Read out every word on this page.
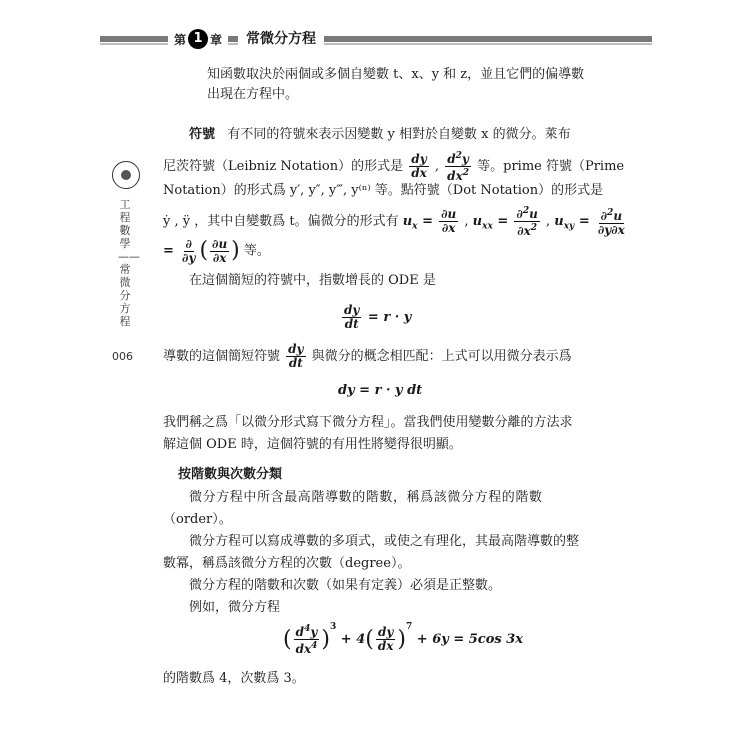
第 1 章	常微分方程
工程數學——常微分方程
006
知函數取決於兩個或多個自變數 t、x、y 和 z，並且它們的偏導數
出現在方程中。
符號 有不同的符號來表示因變數 y 相對於自變數 x 的微分。萊布
尼茨符號（Leibniz Notation）的形式是 $\frac{dy}{dx}$ , $\frac{d^2y}{dx^2}$ 等。prime 符號（Prime
Notation）的形式爲 y′, y″, y‴, y⁽ⁿ⁾ 等。點符號（Dot Notation）的形式是
ẏ , ÿ ，其中自變數爲 t。偏微分的形式有 $u_x = \frac{\partial u}{\partial x}$ , $u_{xx} = \frac{\partial^2u}{\partial x^2}$ , $u_{xy} = \frac{\partial^2u}{\partial y\partial x}$
= $\frac{\partial}{\partial y}$ ( $\frac{\partial u}{\partial x}$ ) 等。
在這個簡短的符號中，指數增長的 ODE 是
$\frac{dy}{dt} = r \cdot y$
導數的這個簡短符號 $\frac{dy}{dt}$ 與微分的概念相匹配：上式可以用微分表示爲
dy = r · y dt
我們稱之爲「以微分形式寫下微分方程」。當我們使用變數分離的方法求
解這個 ODE 時，這個符號的有用性將變得很明顯。
按階數與次數分類
微分方程中所含最高階導數的階數，稱爲該微分方程的階數
（order）。
微分方程可以寫成導數的多項式，或使之有理化，其最高階導數的整
數冪，稱爲該微分方程的次數（degree）。
微分方程的階數和次數（如果有定義）必須是正整數。
例如，微分方程
( $\frac{d^4y}{dx^4} )^3 + 4( \frac{dy}{dx} )^7 + 6y = 5\cos$ 3x
的階數爲 4，次數爲 3。
